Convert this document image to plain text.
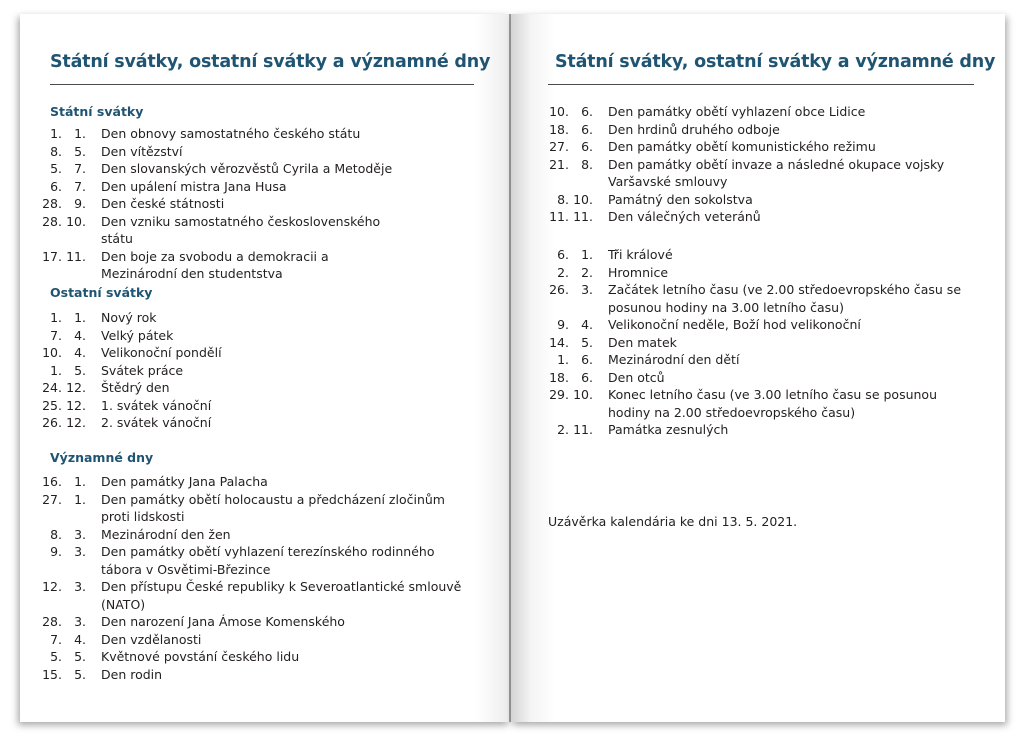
Státní svátky, ostatní svátky a významné dny
Státní svátky
1. 1. Den obnovy samostatného českého státu
8. 5. Den vítězství
5. 7. Den slovanských věrozvěstů Cyrila a Metoděje
6. 7. Den upálení mistra Jana Husa
28. 9. Den české státnosti
28. 10. Den vzniku samostatného československého státu
17. 11. Den boje za svobodu a demokracii a Mezinárodní den studentstva
Ostatní svátky
1. 1. Nový rok
7. 4. Velký pátek
10. 4. Velikonoční pondělí
1. 5. Svátek práce
24. 12. Štědrý den
25. 12. 1. svátek vánoční
26. 12. 2. svátek vánoční
Významné dny
16. 1. Den památky Jana Palacha
27. 1. Den památky obětí holocaustu a předcházení zločinům proti lidskosti
8. 3. Mezinárodní den žen
9. 3. Den památky obětí vyhlazení terezínského rodinného tábora v Osvětimi-Březince
12. 3. Den přístupu České republiky k Severoatlantické smlouvě (NATO)
28. 3. Den narození Jana Ámose Komenského
7. 4. Den vzdělanosti
5. 5. Květnové povstání českého lidu
15. 5. Den rodin
Státní svátky, ostatní svátky a významné dny
10. 6. Den památky obětí vyhlazení obce Lidice
18. 6. Den hrdinů druhého odboje
27. 6. Den památky obětí komunistického režimu
21. 8. Den památky obětí invaze a následné okupace vojsky Varšavské smlouvy
8. 10. Památný den sokolstva
11. 11. Den válečných veteránů
6. 1. Tři králové
2. 2. Hromnice
26. 3. Začátek letního času (ve 2.00 středoevropského času se posunou hodiny na 3.00 letního času)
9. 4. Velikonoční neděle, Boží hod velikonoční
14. 5. Den matek
1. 6. Mezinárodní den dětí
18. 6. Den otců
29. 10. Konec letního času (ve 3.00 letního času se posunou hodiny na 2.00 středoevropského času)
2. 11. Památka zesnulých
Uzávěrka kalendária ke dni 13. 5. 2021.
